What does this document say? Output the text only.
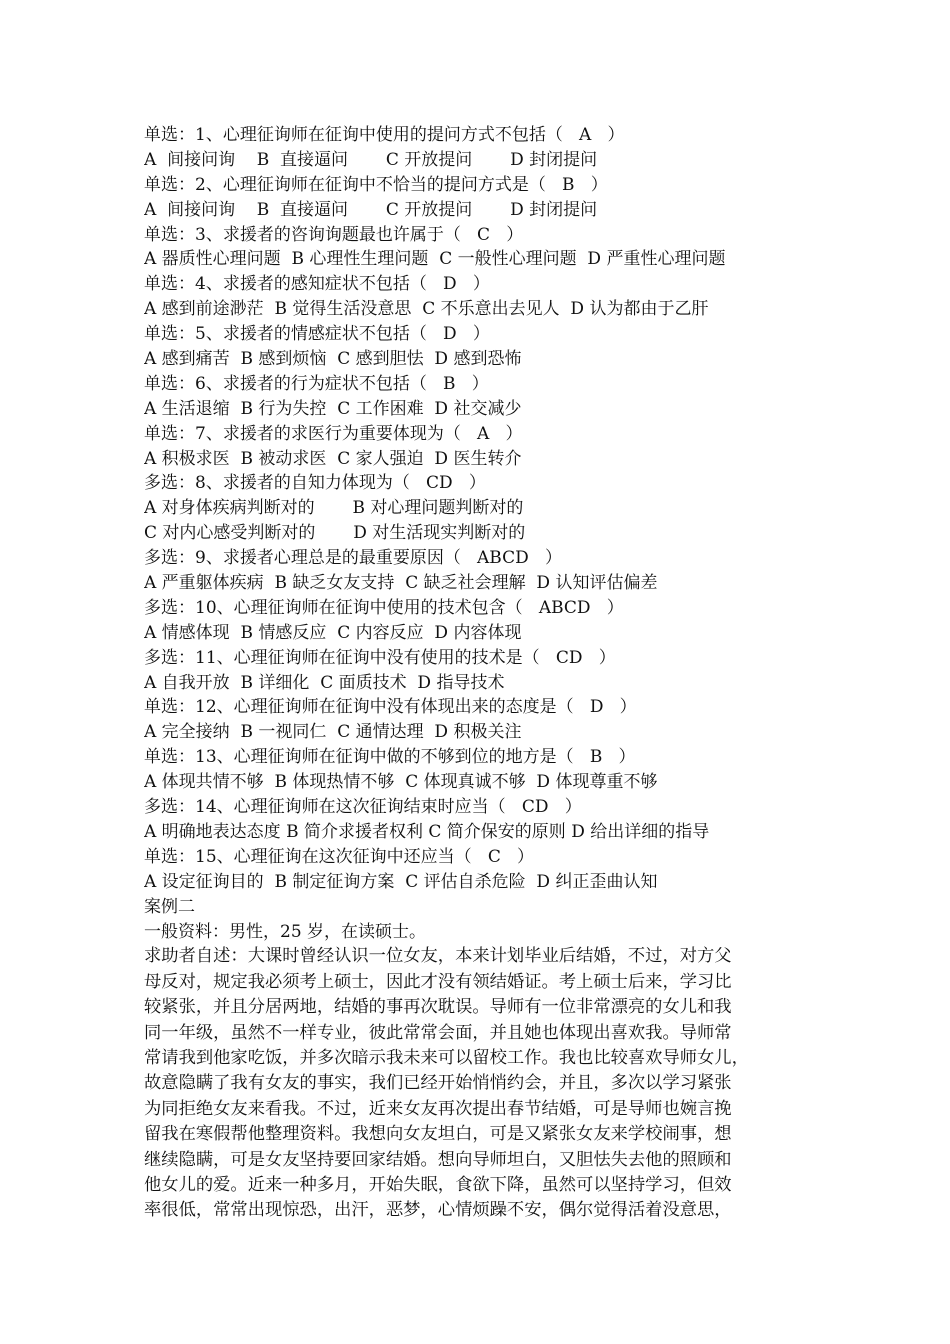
单选：1、心理征询师在征询中使用的提问方式不包括（   A   ）
A  间接问询    B  直接逼问       C 开放提问       D 封闭提问
单选：2、心理征询师在征询中不恰当的提问方式是（   B   ）
A  间接问询    B  直接逼问       C 开放提问       D 封闭提问
单选：3、求援者的咨询询题最也许属于（   C   ）
A 器质性心理问题  B 心理性生理问题  C 一般性心理问题  D 严重性心理问题
单选：4、求援者的感知症状不包括（   D   ）
A 感到前途渺茫  B 觉得生活没意思  C 不乐意出去见人  D 认为都由于乙肝
单选：5、求援者的情感症状不包括（   D   ）
A 感到痛苦  B 感到烦恼  C 感到胆怯  D 感到恐怖
单选：6、求援者的行为症状不包括（   B   ）
A 生活退缩  B 行为失控  C 工作困难  D 社交减少
单选：7、求援者的求医行为重要体现为（   A   ）
A 积极求医  B 被动求医  C 家人强迫  D 医生转介
多选：8、求援者的自知力体现为（   CD   ）
A 对身体疾病判断对的       B 对心理问题判断对的
C 对内心感受判断对的       D 对生活现实判断对的
多选：9、求援者心理总是的最重要原因（   ABCD   ）
A 严重躯体疾病  B 缺乏女友支持  C 缺乏社会理解  D 认知评估偏差
多选：10、心理征询师在征询中使用的技术包含（   ABCD   ）
A 情感体现  B 情感反应  C 内容反应  D 内容体现
多选：11、心理征询师在征询中没有使用的技术是（   CD   ）
A 自我开放  B 详细化  C 面质技术  D 指导技术
单选：12、心理征询师在征询中没有体现出来的态度是（   D   ）
A 完全接纳  B 一视同仁  C 通情达理  D 积极关注
单选：13、心理征询师在征询中做的不够到位的地方是（   B   ）
A 体现共情不够  B 体现热情不够  C 体现真诚不够  D 体现尊重不够
多选：14、心理征询师在这次征询结束时应当（   CD   ）
A 明确地表达态度 B 简介求援者权利 C 简介保安的原则 D 给出详细的指导
单选：15、心理征询在这次征询中还应当（   C   ）
A 设定征询目的  B 制定征询方案  C 评估自杀危险  D 纠正歪曲认知
案例二
一般资料：男性，25 岁，在读硕士。
求助者自述：大课时曾经认识一位女友，本来计划毕业后结婚，不过，对方父
母反对，规定我必须考上硕士，因此才没有领结婚证。考上硕士后来，学习比
较紧张，并且分居两地，结婚的事再次耽误。导师有一位非常漂亮的女儿和我
同一年级，虽然不一样专业，彼此常常会面，并且她也体现出喜欢我。导师常
常请我到他家吃饭，并多次暗示我未来可以留校工作。我也比较喜欢导师女儿，
故意隐瞒了我有女友的事实，我们已经开始悄悄约会，并且，多次以学习紧张
为同拒绝女友来看我。不过，近来女友再次提出春节结婚，可是导师也婉言挽
留我在寒假帮他整理资料。我想向女友坦白，可是又紧张女友来学校闹事，想
继续隐瞒，可是女友坚持要回家结婚。想向导师坦白，又胆怯失去他的照顾和
他女儿的爱。近来一种多月，开始失眠，食欲下降，虽然可以坚持学习，但效
率很低，常常出现惊恐，出汗，恶梦，心情烦躁不安，偶尔觉得活着没意思，
